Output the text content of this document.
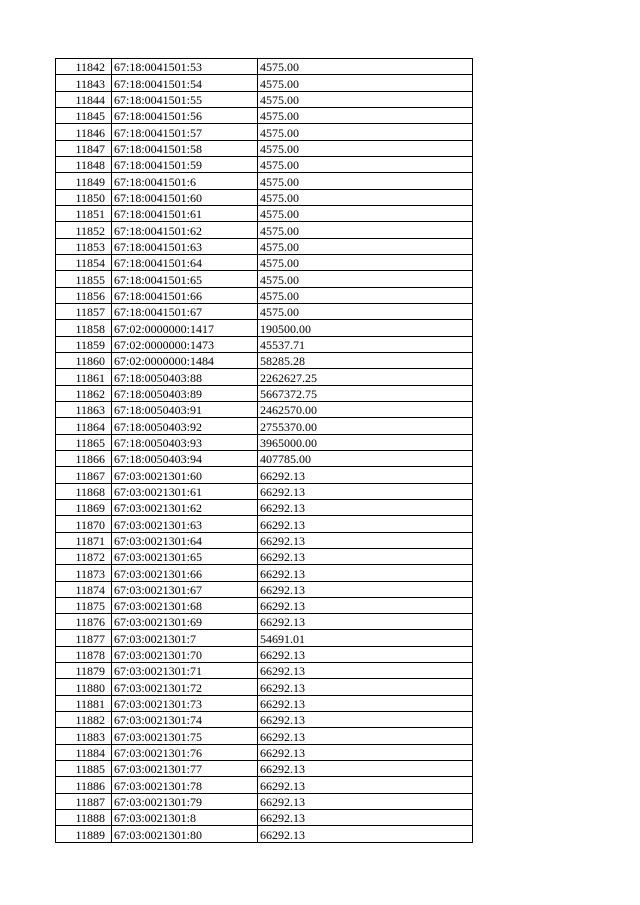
11842	67:18:0041501:53	4575.00
11843	67:18:0041501:54	4575.00
11844	67:18:0041501:55	4575.00
11845	67:18:0041501:56	4575.00
11846	67:18:0041501:57	4575.00
11847	67:18:0041501:58	4575.00
11848	67:18:0041501:59	4575.00
11849	67:18:0041501:6	4575.00
11850	67:18:0041501:60	4575.00
11851	67:18:0041501:61	4575.00
11852	67:18:0041501:62	4575.00
11853	67:18:0041501:63	4575.00
11854	67:18:0041501:64	4575.00
11855	67:18:0041501:65	4575.00
11856	67:18:0041501:66	4575.00
11857	67:18:0041501:67	4575.00
11858	67:02:0000000:1417	190500.00
11859	67:02:0000000:1473	45537.71
11860	67:02:0000000:1484	58285.28
11861	67:18:0050403:88	2262627.25
11862	67:18:0050403:89	5667372.75
11863	67:18:0050403:91	2462570.00
11864	67:18:0050403:92	2755370.00
11865	67:18:0050403:93	3965000.00
11866	67:18:0050403:94	407785.00
11867	67:03:0021301:60	66292.13
11868	67:03:0021301:61	66292.13
11869	67:03:0021301:62	66292.13
11870	67:03:0021301:63	66292.13
11871	67:03:0021301:64	66292.13
11872	67:03:0021301:65	66292.13
11873	67:03:0021301:66	66292.13
11874	67:03:0021301:67	66292.13
11875	67:03:0021301:68	66292.13
11876	67:03:0021301:69	66292.13
11877	67:03:0021301:7	54691.01
11878	67:03:0021301:70	66292.13
11879	67:03:0021301:71	66292.13
11880	67:03:0021301:72	66292.13
11881	67:03:0021301:73	66292.13
11882	67:03:0021301:74	66292.13
11883	67:03:0021301:75	66292.13
11884	67:03:0021301:76	66292.13
11885	67:03:0021301:77	66292.13
11886	67:03:0021301:78	66292.13
11887	67:03:0021301:79	66292.13
11888	67:03:0021301:8	66292.13
11889	67:03:0021301:80	66292.13
